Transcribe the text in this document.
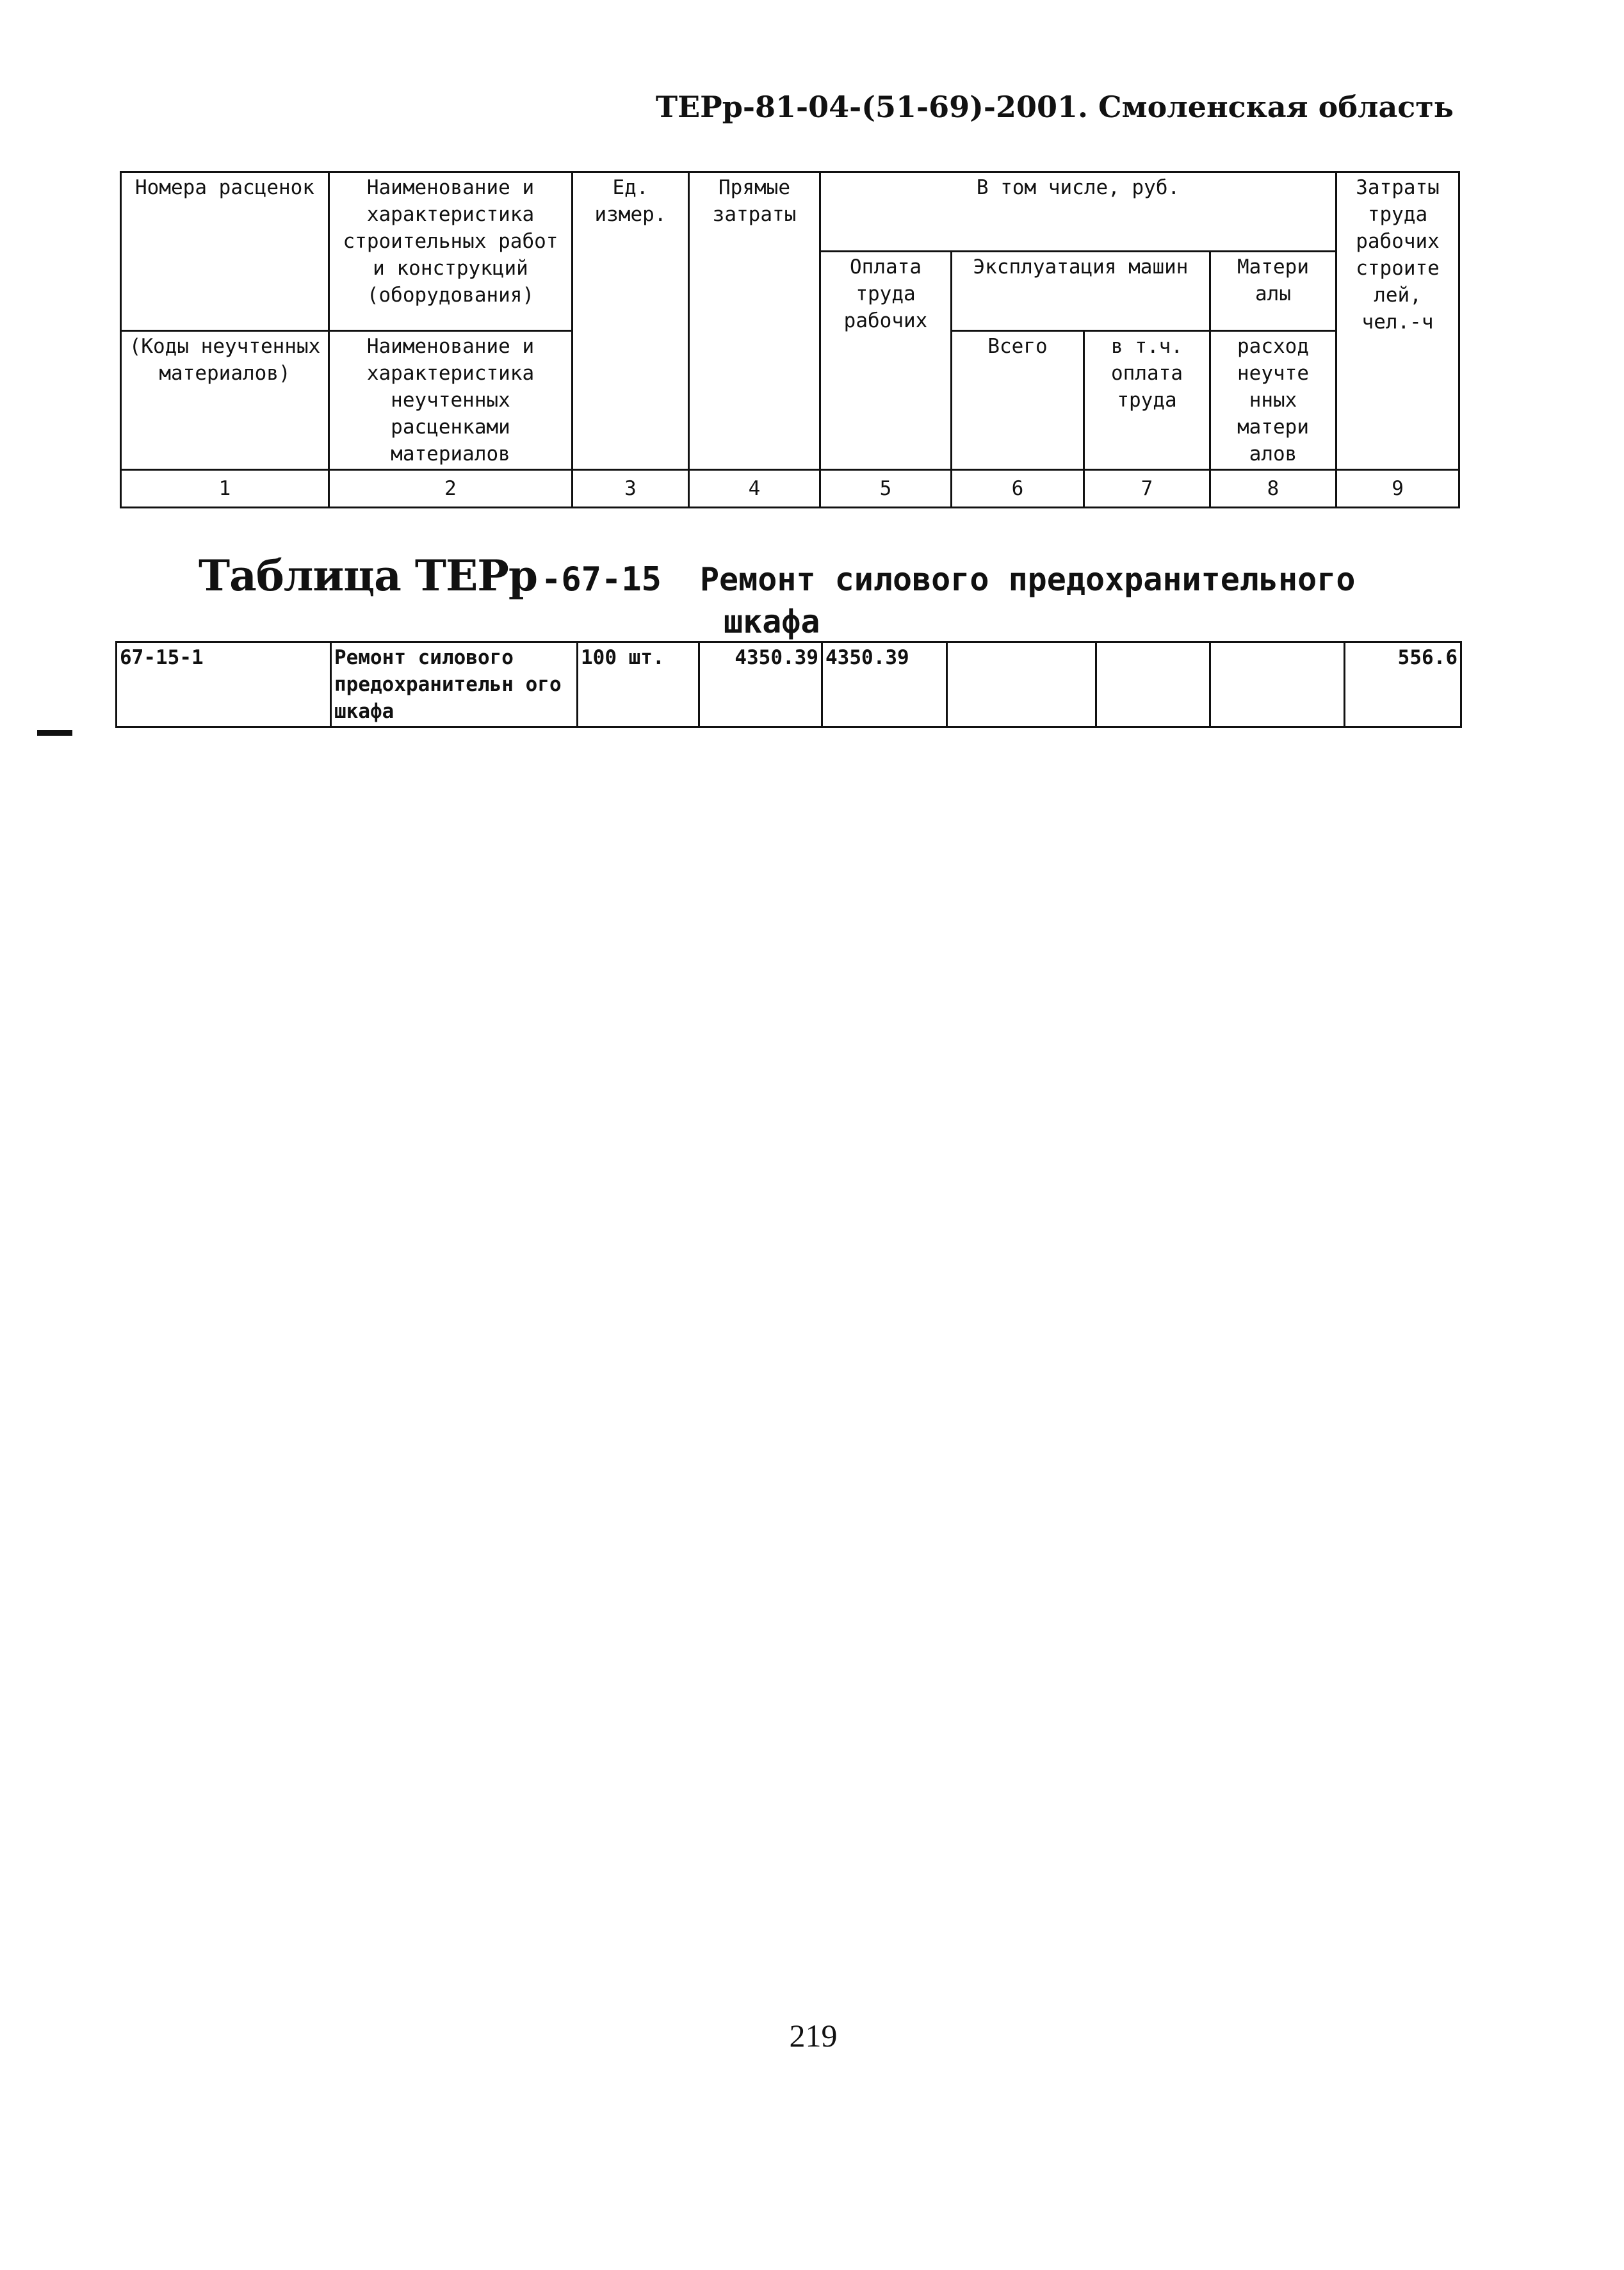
ТЕРр-81-04-(51-69)-2001. Смоленская область
Номера расценок	Наименование и характеристика строительных работ и конструкций (оборудования)	Ед. измер.	Прямые затраты	В том числе, руб.				Затраты труда рабочих строите лей, чел.-ч
				Оплата труда рабочих	Эксплуатация машин		Матери алы	
(Коды неучтенных материалов)	Наименование и характеристика неучтенных расценками материалов				Всего	в т.ч. оплата труда	расход неучте нных матери алов	
1	2	3	4	5	6	7	8	9
Таблица ТЕРр -67-15 Ремонт силового предохранительного
шкафа
67-15-1	Ремонт силового предохранительн ого шкафа	100 шт.	4350.39	4350.39				556.6
219
